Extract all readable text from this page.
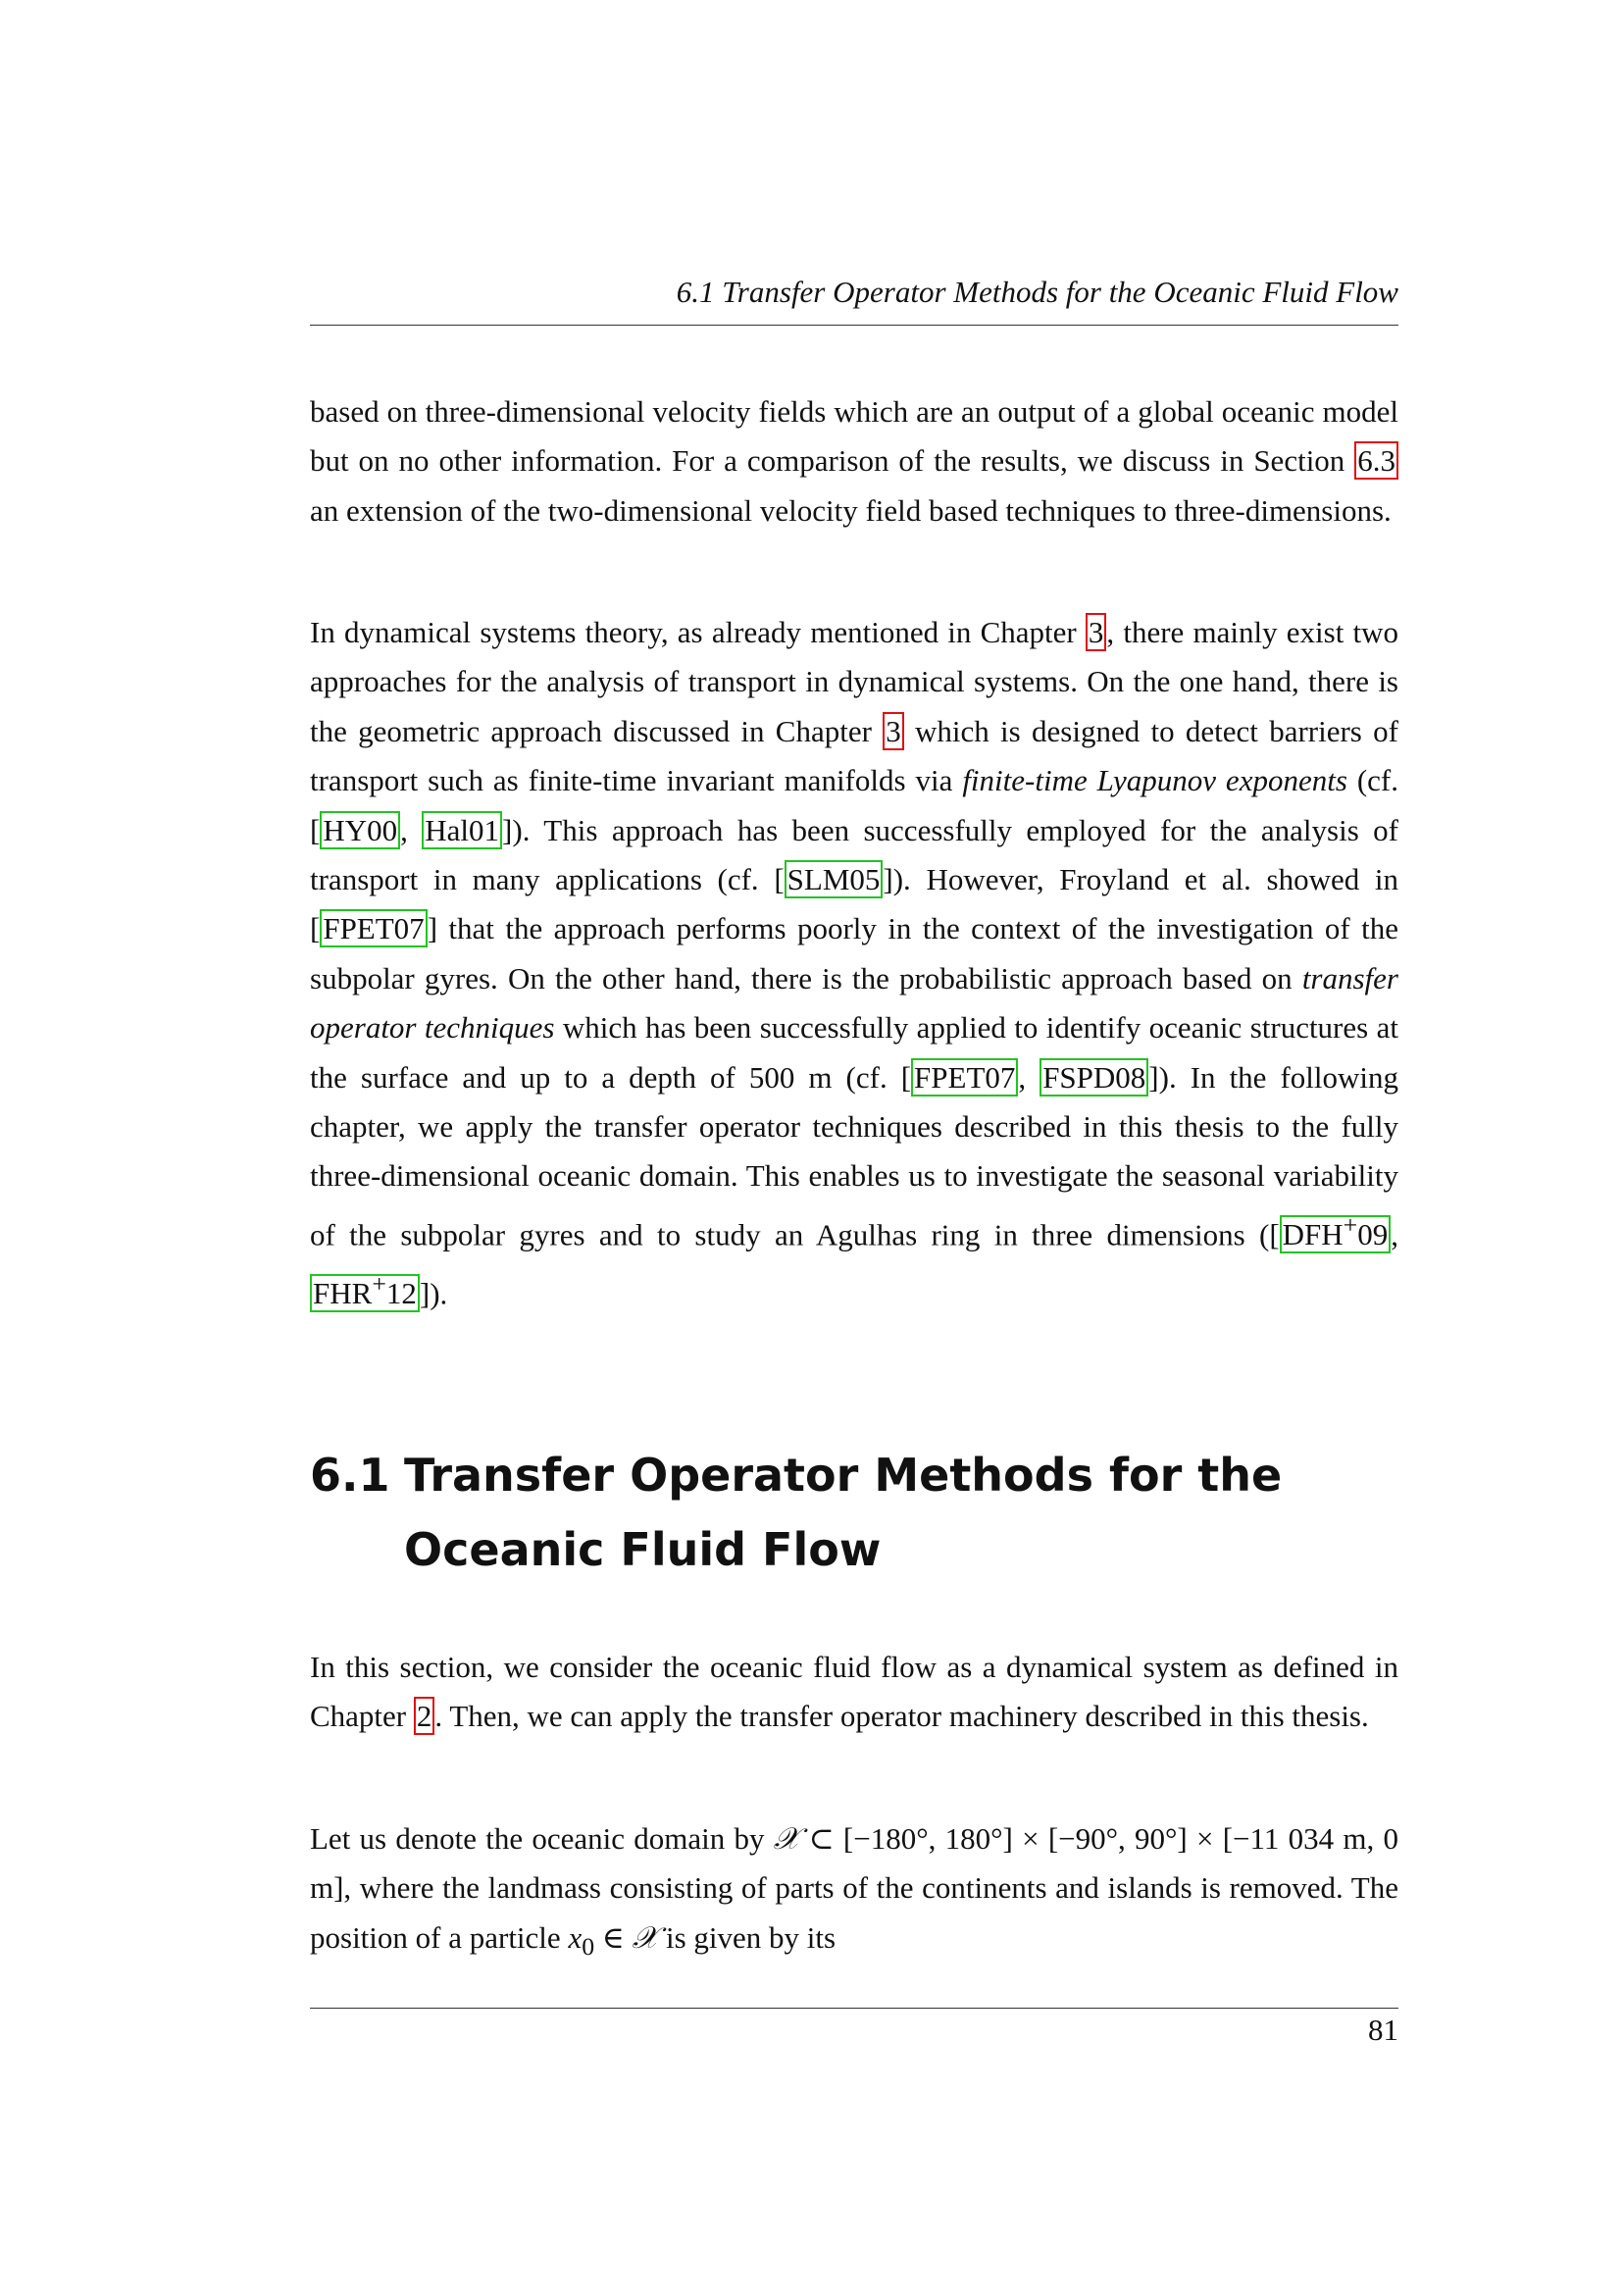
6.1 Transfer Operator Methods for the Oceanic Fluid Flow

based on three-dimensional velocity fields which are an output of a global oceanic model but on no other information. For a comparison of the results, we discuss in Section 6.3 an extension of the two-dimensional velocity field based techniques to three-dimensions.

In dynamical systems theory, as already mentioned in Chapter 3, there mainly exist two approaches for the analysis of transport in dynamical systems. On the one hand, there is the geometric approach discussed in Chapter 3 which is designed to detect barriers of transport such as finite-time invariant manifolds via finite-time Lyapunov exponents (cf. [HY00, Hal01]). This approach has been successfully employed for the analysis of transport in many applications (cf. [SLM05]). However, Froyland et al. showed in [FPET07] that the approach performs poorly in the context of the investigation of the subpolar gyres. On the other hand, there is the probabilistic approach based on transfer operator techniques which has been successfully applied to identify oceanic structures at the surface and up to a depth of 500 m (cf. [FPET07, FSPD08]). In the following chapter, we apply the transfer operator techniques described in this thesis to the fully three-dimensional oceanic domain. This enables us to investigate the seasonal variability of the subpolar gyres and to study an Agulhas ring in three dimensions ([DFH+09, FHR+12]).

6.1 Transfer Operator Methods for the Oceanic Fluid Flow

In this section, we consider the oceanic fluid flow as a dynamical system as defined in Chapter 2. Then, we can apply the transfer operator machinery described in this thesis.

Let us denote the oceanic domain by 𝒳 ⊂ [−180°, 180°] × [−90°, 90°] × [−11 034 m, 0 m], where the landmass consisting of parts of the continents and islands is removed. The position of a particle $x_0$ ∈ 𝒳 is given by its

81
